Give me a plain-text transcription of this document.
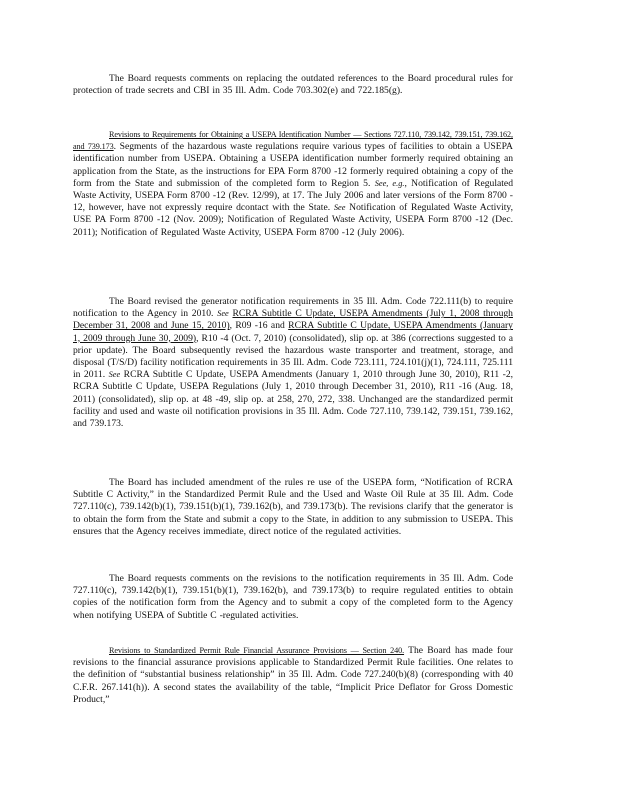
The Board requests comments on replacing the outdated references to the Board procedural rules for protection of trade secrets and CBI in 35 Ill. Adm. Code 703.302(e) and 722.185(g).

Revisions to Requirements for Obtaining a USEPA Identification Number — Sections 727.110, 739.142, 739.151, 739.162, and 739.173. Segments of the hazardous waste regulations require various types of facilities to obtain a USEPA identification number from USEPA. Obtaining a USEPA identification number formerly required obtaining an application from the State, as the instructions for EPA Form 8700 -12 formerly required obtaining a copy of the form from the State and submission of the completed form to Region 5. See, e.g., Notification of Regulated Waste Activity, USEPA Form 8700 -12 (Rev. 12/99), at 17. The July 2006 and later versions of the Form 8700 - 12, however, have not expressly require dcontact with the State. See Notification of Regulated Waste Activity, USE PA Form 8700 -12 (Nov. 2009); Notification of Regulated Waste Activity, USEPA Form 8700 -12 (Dec. 2011); Notification of Regulated Waste Activity, USEPA Form 8700 -12 (July 2006).

The Board revised the generator notification requirements in 35 Ill. Adm. Code 722.111(b) to require notification to the Agency in 2010. See RCRA Subtitle C Update, USEPA Amendments (July 1, 2008 through December 31, 2008 and June 15, 2010), R09 -16 and RCRA Subtitle C Update, USEPA Amendments (January 1, 2009 through June 30, 2009), R10 -4 (Oct. 7, 2010) (consolidated), slip op. at 386 (corrections suggested to a prior update). The Board subsequently revised the hazardous waste transporter and treatment, storage, and disposal (T/S/D) facility notification requirements in 35 Ill. Adm. Code 723.111, 724.101(j)(1), 724.111, 725.111 in 2011. See RCRA Subtitle C Update, USEPA Amendments (January 1, 2010 through June 30, 2010), R11 -2, RCRA Subtitle C Update, USEPA Regulations (July 1, 2010 through December 31, 2010), R11 -16 (Aug. 18, 2011) (consolidated), slip op. at 48 -49, slip op. at 258, 270, 272, 338. Unchanged are the standardized permit facility and used and waste oil notification provisions in 35 Ill. Adm. Code 727.110, 739.142, 739.151, 739.162, and 739.173.

The Board has included amendment of the rules re use of the USEPA form, “Notification of RCRA Subtitle C Activity,” in the Standardized Permit Rule and the Used and Waste Oil Rule at 35 Ill. Adm. Code 727.110(c), 739.142(b)(1), 739.151(b)(1), 739.162(b), and 739.173(b). The revisions clarify that the generator is to obtain the form from the State and submit a copy to the State, in addition to any submission to USEPA. This ensures that the Agency receives immediate, direct notice of the regulated activities.

The Board requests comments on the revisions to the notification requirements in 35 Ill. Adm. Code 727.110(c), 739.142(b)(1), 739.151(b)(1), 739.162(b), and 739.173(b) to require regulated entities to obtain copies of the notification form from the Agency and to submit a copy of the completed form to the Agency when notifying USEPA of Subtitle C -regulated activities.

Revisions to Standardized Permit Rule Financial Assurance Provisions — Section 240. The Board has made four revisions to the financial assurance provisions applicable to Standardized Permit Rule facilities. One relates to the definition of “substantial business relationship” in 35 Ill. Adm. Code 727.240(b)(8) (corresponding with 40 C.F.R. 267.141(h)). A second states the availability of the table, “Implicit Price Deflator for Gross Domestic Product,”
